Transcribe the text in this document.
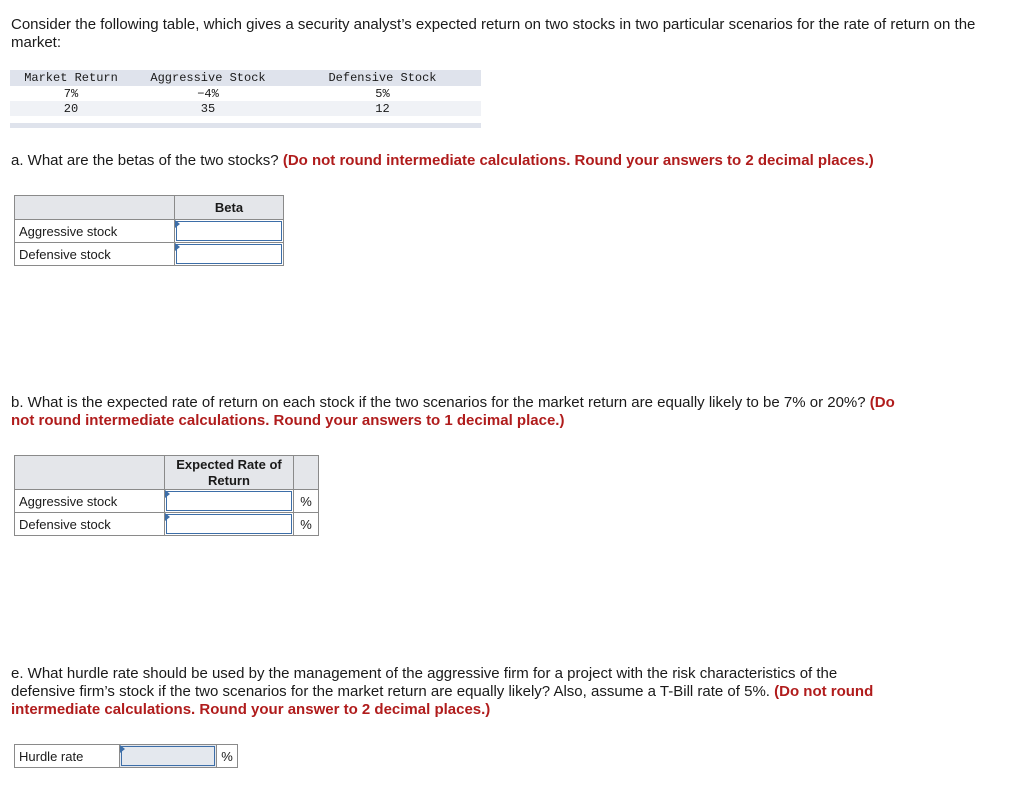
Consider the following table, which gives a security analyst’s expected return on two stocks in two particular scenarios for the rate of return on the market:
Market Return	Aggressive Stock	Defensive Stock
7%	−4%	5%
20	35	12
a. What are the betas of the two stocks? (Do not round intermediate calculations. Round your answers to 2 decimal places.)
	Beta
Aggressive stock	

Defensive stock	
b. What is the expected rate of return on each stock if the two scenarios for the market return are equally likely to be 7% or 20%? (Do
not round intermediate calculations. Round your answers to 1 decimal place.)
	Expected Rate of Return	
Aggressive stock		%
Defensive stock		%
e. What hurdle rate should be used by the management of the aggressive firm for a project with the risk characteristics of the
defensive firm’s stock if the two scenarios for the market return are equally likely? Also, assume a T-Bill rate of 5%. (Do not round
intermediate calculations. Round your answer to 2 decimal places.)
Hurdle rate		%
